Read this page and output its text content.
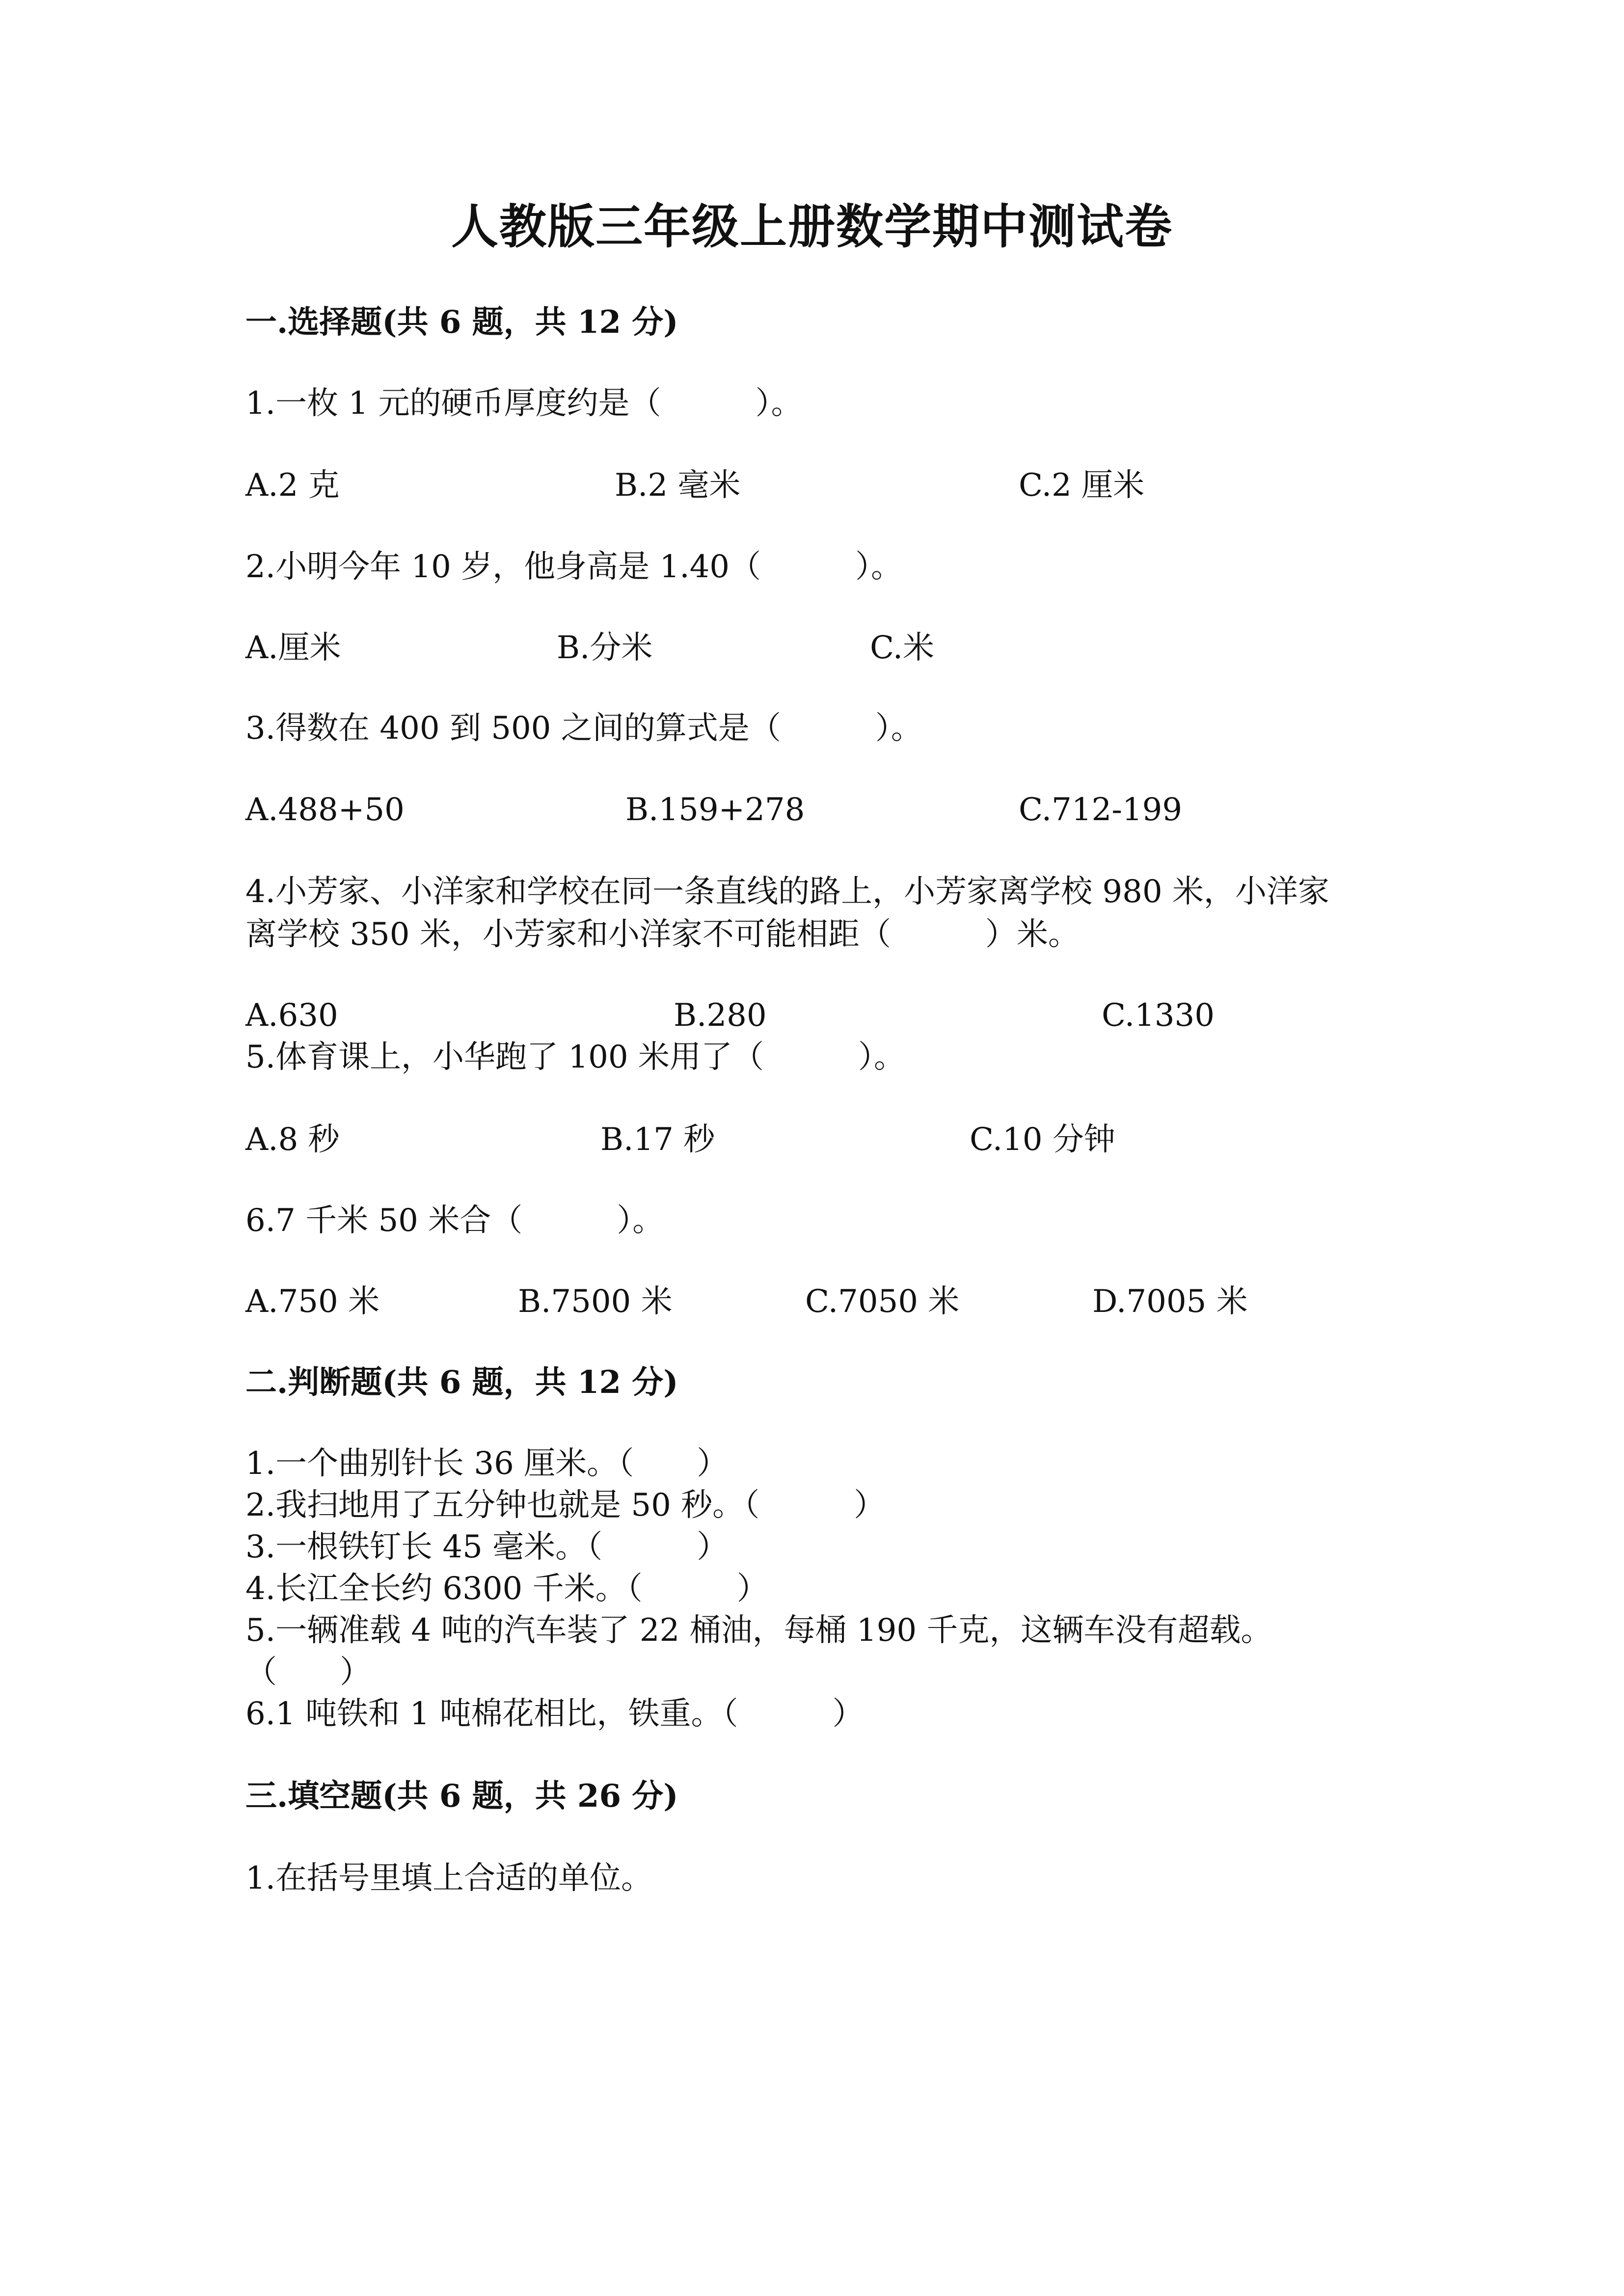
人教版三年级上册数学期中测试卷
一.选择题(共 6 题，共 12 分)
1.一枚 1 元的硬币厚度约是（　　　）。
A.2 克	B.2 毫米	C.2 厘米
2.小明今年 10 岁，他身高是 1.40（　　　）。
A.厘米	B.分米	C.米
3.得数在 400 到 500 之间的算式是（　　　）。
A.488+50	B.159+278	C.712-199
4.小芳家、小洋家和学校在同一条直线的路上，小芳家离学校 980 米，小洋家
离学校 350 米，小芳家和小洋家不可能相距（　　　）米。
A.630	B.280	C.1330
5.体育课上，小华跑了 100 米用了（　　　）。
A.8 秒	B.17 秒	C.10 分钟
6.7 千米 50 米合（　　　）。
A.750 米	B.7500 米	C.7050 米	D.7005 米
二.判断题(共 6 题，共 12 分)
1.一个曲别针长 36 厘米。（　　）
2.我扫地用了五分钟也就是 50 秒。（　　　）
3.一根铁钉长 45 毫米。（　　　）
4.长江全长约 6300 千米。（　　　）
5.一辆准载 4 吨的汽车装了 22 桶油，每桶 190 千克，这辆车没有超载。
（　　）
6.1 吨铁和 1 吨棉花相比，铁重。（　　　）
三.填空题(共 6 题，共 26 分)
1.在括号里填上合适的单位。
